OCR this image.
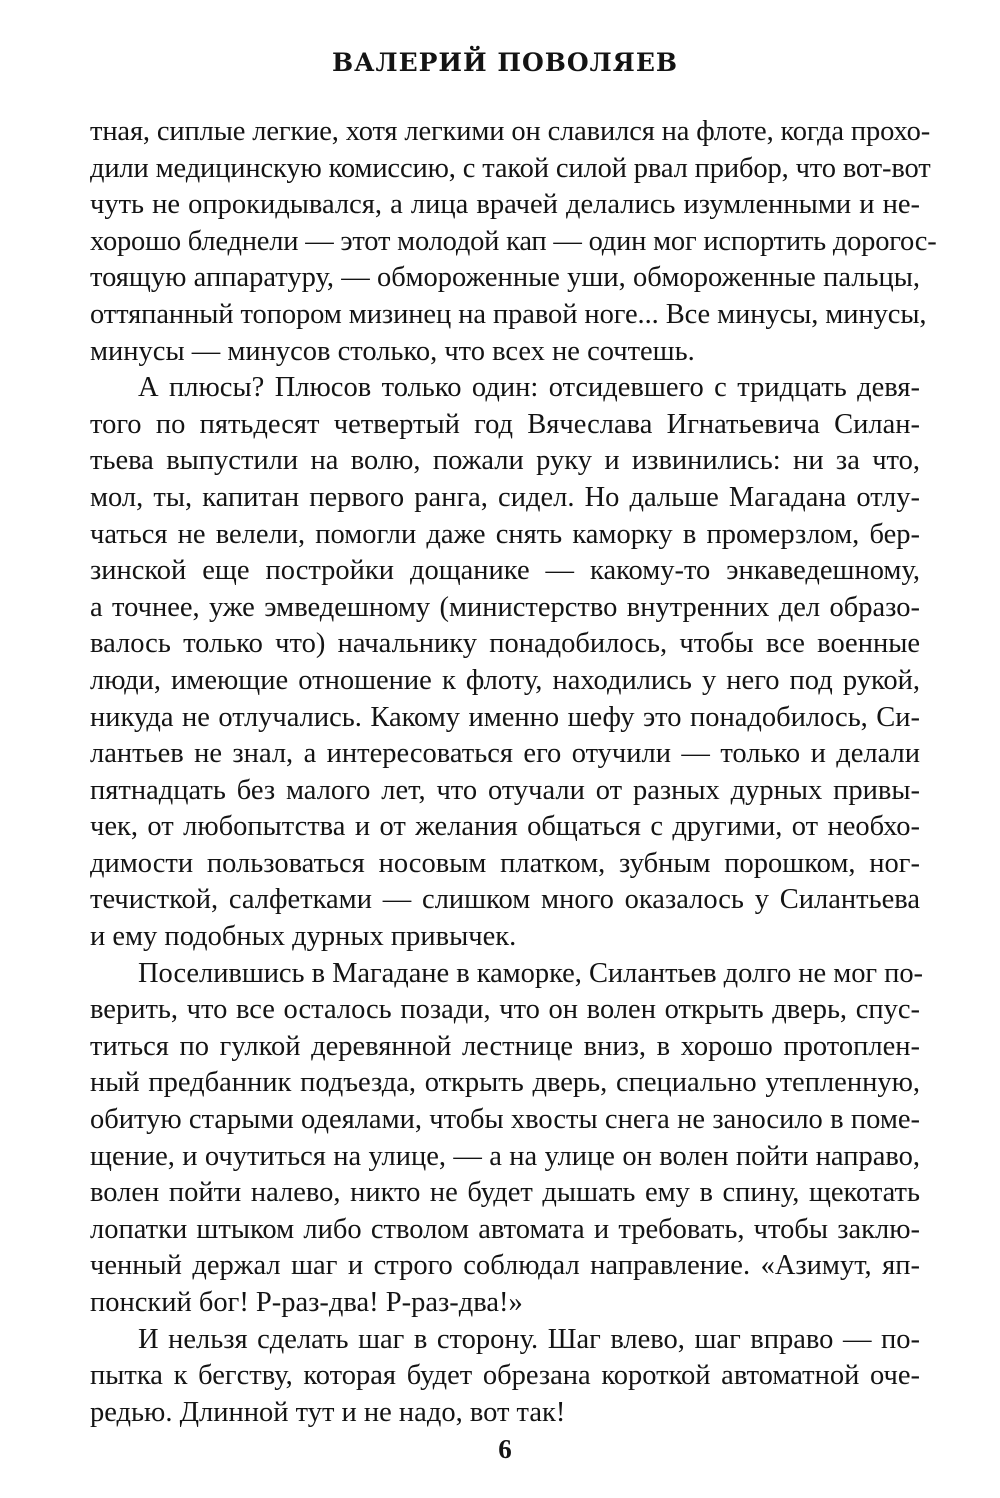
ВАЛЕРИЙ ПОВОЛЯЕВ
тная, сиплые легкие, хотя легкими он славился на флоте, когда прохо-
дили медицинскую комиссию, с такой силой рвал прибор, что вот-вот
чуть не опрокидывался, а лица врачей делались изумленными и не-
хорошо бледнели — этот молодой кап — один мог испортить дорогос-
тоящую аппаратуру, — обмороженные уши, обмороженные пальцы,
оттяпанный топором мизинец на правой ноге... Все минусы, минусы,
минусы — минусов столько, что всех не сочтешь.
А плюсы? Плюсов только один: отсидевшего с тридцать девя-
того по пятьдесят четвертый год Вячеслава Игнатьевича Силан-
тьева выпустили на волю, пожали руку и извинились: ни за что,
мол, ты, капитан первого ранга, сидел. Но дальше Магадана отлу-
чаться не велели, помогли даже снять каморку в промерзлом, бер-
зинской еще постройки дощанике — какому-то энкаведешному,
а точнее, уже эмведешному (министерство внутренних дел образо-
валось только что) начальнику понадобилось, чтобы все военные
люди, имеющие отношение к флоту, находились у него под рукой,
никуда не отлучались. Какому именно шефу это понадобилось, Си-
лантьев не знал, а интересоваться его отучили — только и делали
пятнадцать без малого лет, что отучали от разных дурных привы-
чек, от любопытства и от желания общаться с другими, от необхо-
димости пользоваться носовым платком, зубным порошком, ног-
течисткой, салфетками — слишком много оказалось у Силантьева
и ему подобных дурных привычек.
Поселившись в Магадане в каморке, Силантьев долго не мог по-
верить, что все осталось позади, что он волен открыть дверь, спус-
титься по гулкой деревянной лестнице вниз, в хорошо протоплен-
ный предбанник подъезда, открыть дверь, специально утепленную,
обитую старыми одеялами, чтобы хвосты снега не заносило в поме-
щение, и очутиться на улице, — а на улице он волен пойти направо,
волен пойти налево, никто не будет дышать ему в спину, щекотать
лопатки штыком либо стволом автомата и требовать, чтобы заклю-
ченный держал шаг и строго соблюдал направление. «Азимут, яп-
понский бог! Р-раз-два! Р-раз-два!»
И нельзя сделать шаг в сторону. Шаг влево, шаг вправо — по-
пытка к бегству, которая будет обрезана короткой автоматной оче-
редью. Длинной тут и не надо, вот так!
6
